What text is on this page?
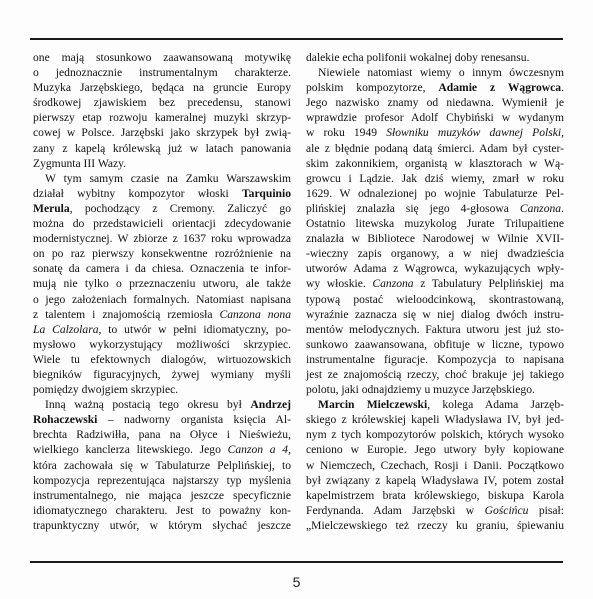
one mają stosunkowo zaawansowaną motywikę
o jednoznacznie instrumentalnym charakterze.
Muzyka Jarzębskiego, będąca na gruncie Europy
środkowej zjawiskiem bez precedensu, stanowi
pierwszy etap rozwoju kameralnej muzyki skrzyp-
cowej w Polsce. Jarzębski jako skrzypek był zwią-
zany z kapelą królewską już w latach panowania
Zygmunta III Wazy.
W tym samym czasie na Zamku Warszawskim
działał wybitny kompozytor włoski Tarquinio
Merula, pochodzący z Cremony. Zaliczyć go
można do przedstawicieli orientacji zdecydowanie
modernistycznej. W zbiorze z 1637 roku wprowadza
on po raz pierwszy konsekwentne rozróżnienie na
sonatę da camera i da chiesa. Oznaczenia te infor-
mują nie tylko o przeznaczeniu utworu, ale także
o jego założeniach formalnych. Natomiast napisana
z talentem i znajomością rzemiosła Canzona nona
La Calzolara, to utwór w pełni idiomatyczny, po-
mysłowo wykorzystujący możliwości skrzypiec.
Wiele tu efektownych dialogów, wirtuozowskich
biegników figuracyjnych, żywej wymiany myśli
pomiędzy dwojgiem skrzypiec.
Inną ważną postacią tego okresu był Andrzej
Rohaczewski – nadworny organista księcia Al-
brechta Radziwiłła, pana na Ołyce i Nieświeżu,
wielkiego kanclerza litewskiego. Jego Canzon a 4,
która zachowała się w Tabulaturze Pelplińskiej, to
kompozycja reprezentująca najstarszy typ myślenia
instrumentalnego, nie mająca jeszcze specyficznie
idiomatycznego charakteru. Jest to poważny kon-
trapunktyczny utwór, w którym słychać jeszcze
dalekie echa polifonii wokalnej doby renesansu.
Niewiele natomiast wiemy o innym ówczesnym
polskim kompozytorze, Adamie z Wągrowca.
Jego nazwisko znamy od niedawna. Wymienił je
wprawdzie profesor Adolf Chybiński w wydanym
w roku 1949 Słowniku muzyków dawnej Polski,
ale z błędnie podaną datą śmierci. Adam był cyster-
skim zakonnikiem, organistą w klasztorach w Wą-
growcu i Lądzie. Jak dziś wiemy, zmarł w roku
1629. W odnalezionej po wojnie Tabulaturze Pel-
plińskiej znalazła się jego 4-głosowa Canzona.
Ostatnio litewska muzykolog Jurate Trilupaitiene
znalazła w Bibliotece Narodowej w Wilnie XVII-
-wieczny zapis organowy, a w niej dwadzieścia
utworów Adama z Wągrowca, wykazujących wpły-
wy włoskie. Canzona z Tabulatury Pelplińskiej ma
typową postać wieloodcinkową, skontrastowaną,
wyraźnie zaznacza się w niej dialog dwóch instru-
mentów melodycznych. Faktura utworu jest już sto-
sunkowo zaawansowana, obfituje w liczne, typowo
instrumentalne figuracje. Kompozycja to napisana
jest ze znajomością rzeczy, choć brakuje jej takiego
polotu, jaki odnajdziemy u muzyce Jarzębskiego.
Marcin Mielczewski, kolega Adama Jarzęb-
skiego z królewskiej kapeli Władysława IV, był jed-
nym z tych kompozytorów polskich, których wysoko
ceniono w Europie. Jego utwory były kopiowane
w Niemczech, Czechach, Rosji i Danii. Początkowo
był związany z kapelą Władysława IV, potem został
kapelmistrzem brata królewskiego, biskupa Karola
Ferdynanda. Adam Jarzębski w Gościńcu pisał:
„Mielczewskiego też rzeczy ku graniu, śpiewaniu
5
